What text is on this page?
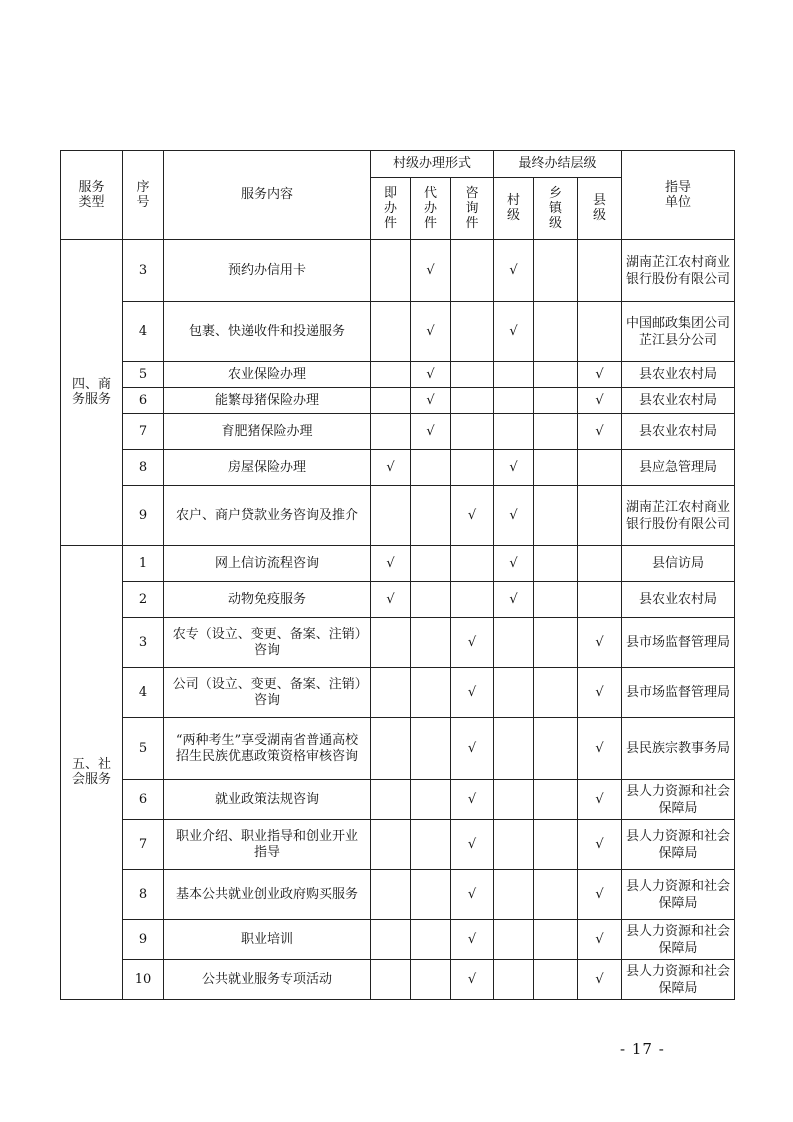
服务类型	序号	服务内容	村级办理形式			最终办结层级			指导单位
			即办件	代办件	咨询件	村级	乡镇级	县级	
四、商务服务	3	预约办信用卡		√		√			湖南芷江农村商业银行股份有限公司
	4	包裹、快递收件和投递服务		√		√			中国邮政集团公司芷江县分公司
	5	农业保险办理		√				√	县农业农村局
	6	能繁母猪保险办理		√				√	县农业农村局
	7	育肥猪保险办理		√				√	县农业农村局
	8	房屋保险办理	√			√			县应急管理局
	9	农户、商户贷款业务咨询及推介			√	√			湖南芷江农村商业银行股份有限公司
五、社会服务	1	网上信访流程咨询	√			√			县信访局
	2	动物免疫服务	√			√			县农业农村局
	3	农专（设立、变更、备案、注销）咨询			√			√	县市场监督管理局
	4	公司（设立、变更、备案、注销）咨询			√			√	县市场监督管理局
	5	“两种考生”享受湖南省普通高校招生民族优惠政策资格审核咨询			√			√	县民族宗教事务局
	6	就业政策法规咨询			√			√	县人力资源和社会保障局
	7	职业介绍、职业指导和创业开业指导			√			√	县人力资源和社会保障局
	8	基本公共就业创业政府购买服务			√			√	县人力资源和社会保障局
	9	职业培训			√			√	县人力资源和社会保障局
	10	公共就业服务专项活动			√			√	县人力资源和社会保障局
- 17 -
